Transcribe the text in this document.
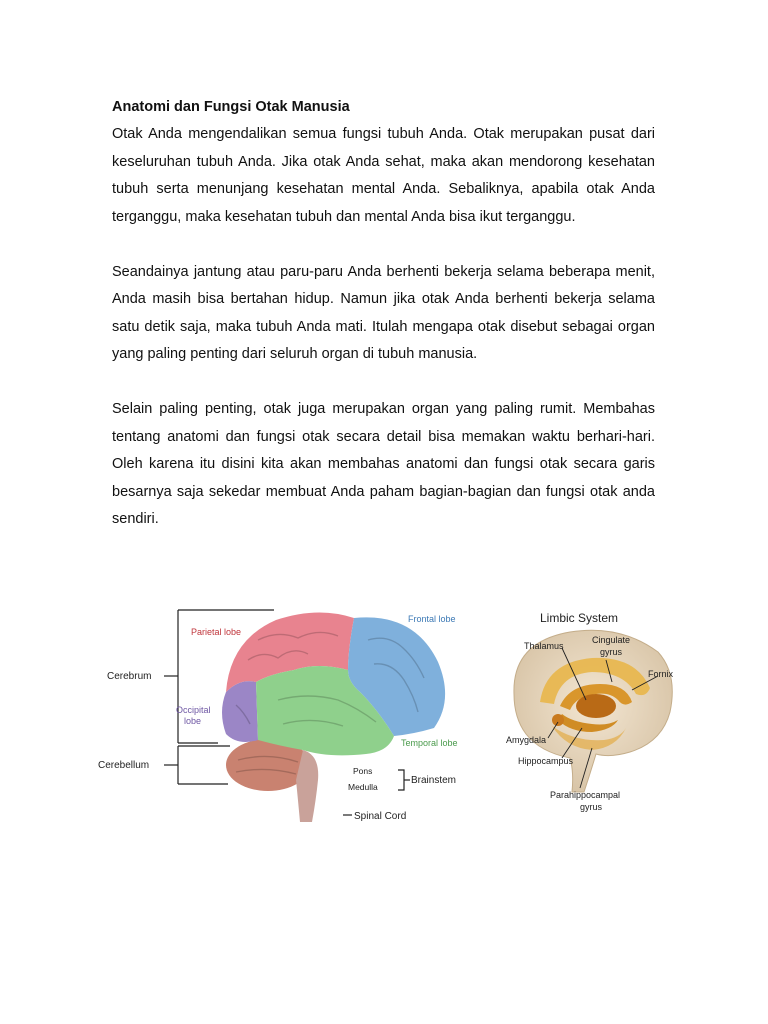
Anatomi dan Fungsi Otak Manusia

Otak Anda mengendalikan semua fungsi tubuh Anda. Otak merupakan pusat dari keseluruhan tubuh Anda. Jika otak Anda sehat, maka akan mendorong kesehatan tubuh serta menunjang kesehatan mental Anda. Sebaliknya, apabila otak Anda terganggu, maka kesehatan tubuh dan mental Anda bisa ikut terganggu.

Seandainya jantung atau paru-paru Anda berhenti bekerja selama beberapa menit, Anda masih bisa bertahan hidup. Namun jika otak Anda berhenti bekerja selama satu detik saja, maka tubuh Anda mati. Itulah mengapa otak disebut sebagai organ yang paling penting dari seluruh organ di tubuh manusia.

Selain paling penting, otak juga merupakan organ yang paling rumit. Membahas tentang anatomi dan fungsi otak secara detail bisa memakan waktu berhari-hari. Oleh karena itu disini kita akan membahas anatomi dan fungsi otak secara garis besarnya saja sekedar membuat Anda paham bagian-bagian dan fungsi otak anda sendiri.

Parietal lobe
Frontal lobe
Cerebrum
Occipital
lobe
Temporal lobe
Cerebellum	Pons
Medulla
Brainstem
Spinal Cord
Limbic System
Thalamus
Cingulate
gyrus
Fornix
Amygdala
Hippocampus
Parahippocampal
gyrus
